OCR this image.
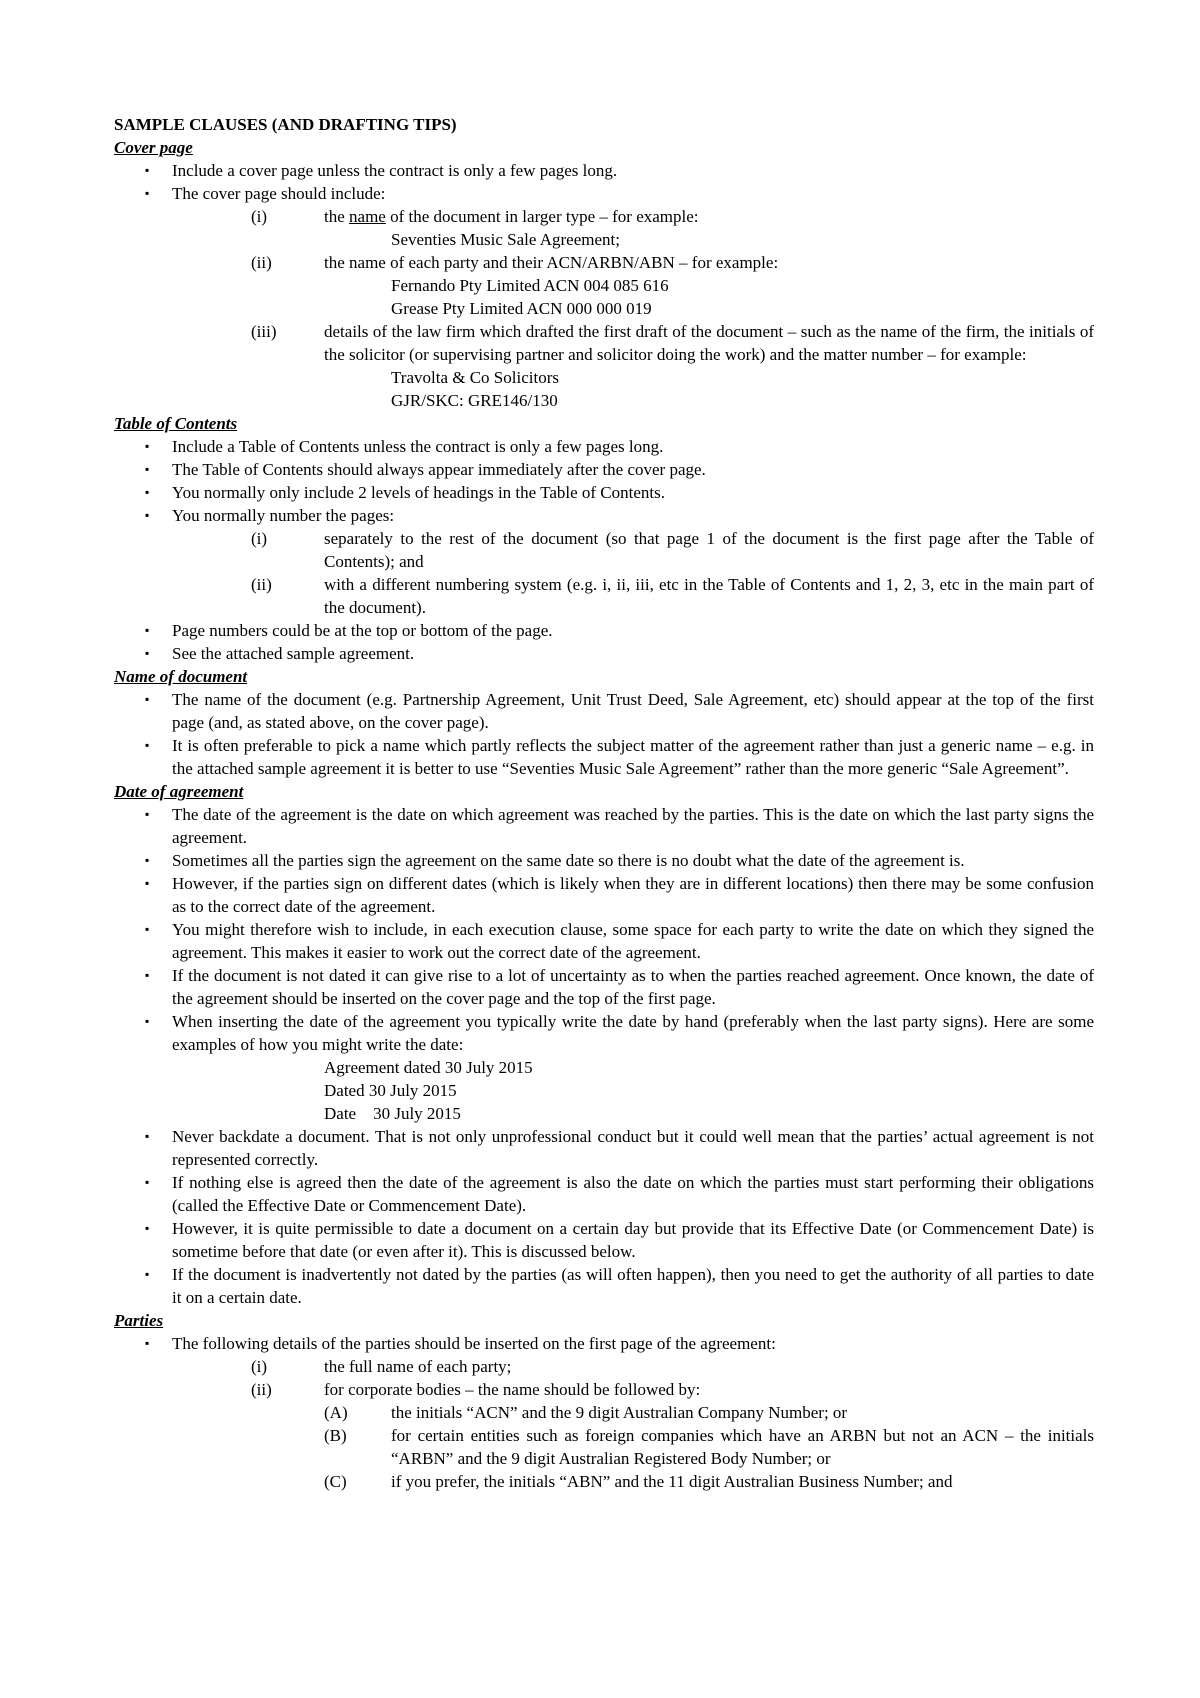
SAMPLE CLAUSES (AND DRAFTING TIPS)

Cover page

▪ Include a cover page unless the contract is only a few pages long.

▪ The cover page should include:

(i)	the name of the document in larger type – for example:

Seventies Music Sale Agreement;

(ii)	the name of each party and their ACN/ARBN/ABN – for example:

Fernando Pty Limited ACN 004 085 616

Grease Pty Limited ACN 000 000 019

(iii)	details of the law firm which drafted the first draft of the document – such as the name of the firm, the initials of the solicitor (or supervising partner and solicitor doing the work) and the matter number – for example:

Travolta & Co Solicitors

GJR/SKC: GRE146/130

Table of Contents

▪ Include a Table of Contents unless the contract is only a few pages long.

▪ The Table of Contents should always appear immediately after the cover page.

▪ You normally only include 2 levels of headings in the Table of Contents.

▪ You normally number the pages:

(i)	separately to the rest of the document (so that page 1 of the document is the first page after the Table of Contents); and

(ii)	with a different numbering system (e.g. i, ii, iii, etc in the Table of Contents and 1, 2, 3, etc in the main part of the document).

▪ Page numbers could be at the top or bottom of the page.

▪ See the attached sample agreement.

Name of document

▪ The name of the document (e.g. Partnership Agreement, Unit Trust Deed, Sale Agreement, etc) should appear at the top of the first page (and, as stated above, on the cover page).

▪ It is often preferable to pick a name which partly reflects the subject matter of the agreement rather than just a generic name – e.g. in the attached sample agreement it is better to use “Seventies Music Sale Agreement” rather than the more generic “Sale Agreement”.

Date of agreement

▪ The date of the agreement is the date on which agreement was reached by the parties. This is the date on which the last party signs the agreement.

▪ Sometimes all the parties sign the agreement on the same date so there is no doubt what the date of the agreement is.

▪ However, if the parties sign on different dates (which is likely when they are in different locations) then there may be some confusion as to the correct date of the agreement.

▪ You might therefore wish to include, in each execution clause, some space for each party to write the date on which they signed the agreement. This makes it easier to work out the correct date of the agreement.

▪ If the document is not dated it can give rise to a lot of uncertainty as to when the parties reached agreement. Once known, the date of the agreement should be inserted on the cover page and the top of the first page.

▪ When inserting the date of the agreement you typically write the date by hand (preferably when the last party signs). Here are some examples of how you might write the date:

Agreement dated 30 July 2015

Dated 30 July 2015

Date    30 July 2015

▪ Never backdate a document. That is not only unprofessional conduct but it could well mean that the parties’ actual agreement is not represented correctly.

▪ If nothing else is agreed then the date of the agreement is also the date on which the parties must start performing their obligations (called the Effective Date or Commencement Date).

▪ However, it is quite permissible to date a document on a certain day but provide that its Effective Date (or Commencement Date) is sometime before that date (or even after it). This is discussed below.

▪ If the document is inadvertently not dated by the parties (as will often happen), then you need to get the authority of all parties to date it on a certain date.

Parties

▪ The following details of the parties should be inserted on the first page of the agreement:

(i)	the full name of each party;

(ii)	for corporate bodies – the name should be followed by:

(A)	the initials “ACN” and the 9 digit Australian Company Number; or

(B)	for certain entities such as foreign companies which have an ARBN but not an ACN – the initials “ARBN” and the 9 digit Australian Registered Body Number; or

(C)	if you prefer, the initials “ABN” and the 11 digit Australian Business Number; and
